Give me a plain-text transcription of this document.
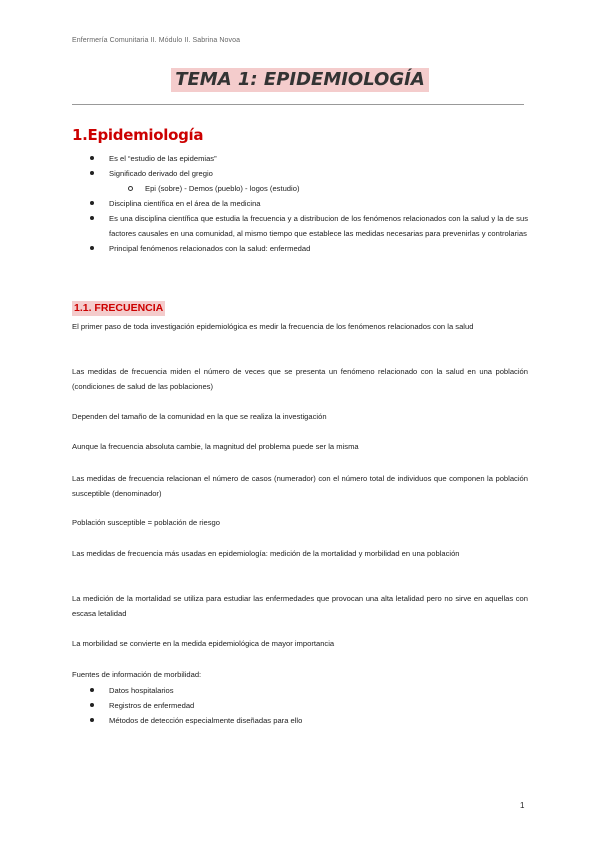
Enfermería Comunitaria II. Módulo II. Sabrina Novoa
TEMA 1: EPIDEMIOLOGÍA
1.Epidemiología
Es el “estudio de las epidemias”
Significado derivado del gregio
Epi (sobre) - Demos (pueblo) - logos (estudio)
Disciplina científica en el área de la medicina
Es una disciplina científica que estudia la frecuencia y a distribucion de los fenómenos relacionados con la salud y la de sus factores causales en una comunidad, al mismo tiempo que establece las medidas necesarias para prevenirlas y controlarias
Principal fenómenos relacionados con la salud: enfermedad
1.1. FRECUENCIA

El primer paso de toda investigación epidemiológica es medir la frecuencia de los fenómenos relacionados con la salud

Las medidas de frecuencia miden el número de veces que se presenta un fenómeno relacionado con la salud en una población (condiciones de salud de las poblaciones)

Dependen del tamaño de la comunidad en la que se realiza la investigación

Aunque la frecuencia absoluta cambie, la magnitud del problema puede ser la misma

Las medidas de frecuencia relacionan el número de casos (numerador) con el número total de individuos que componen la población susceptible (denominador)

Población susceptible = población de riesgo

Las medidas de frecuencia más usadas en epidemiología: medición de la mortalidad y morbilidad en una población

La medición de la mortalidad se utiliza para estudiar las enfermedades que provocan una alta letalidad pero no sirve en aquellas con escasa letalidad

La morbilidad se convierte en la medida epidemiológica de mayor importancia

Fuentes de información de morbilidad:

Datos hospitalarios
Registros de enfermedad
Métodos de detección especialmente diseñadas para ello
1
